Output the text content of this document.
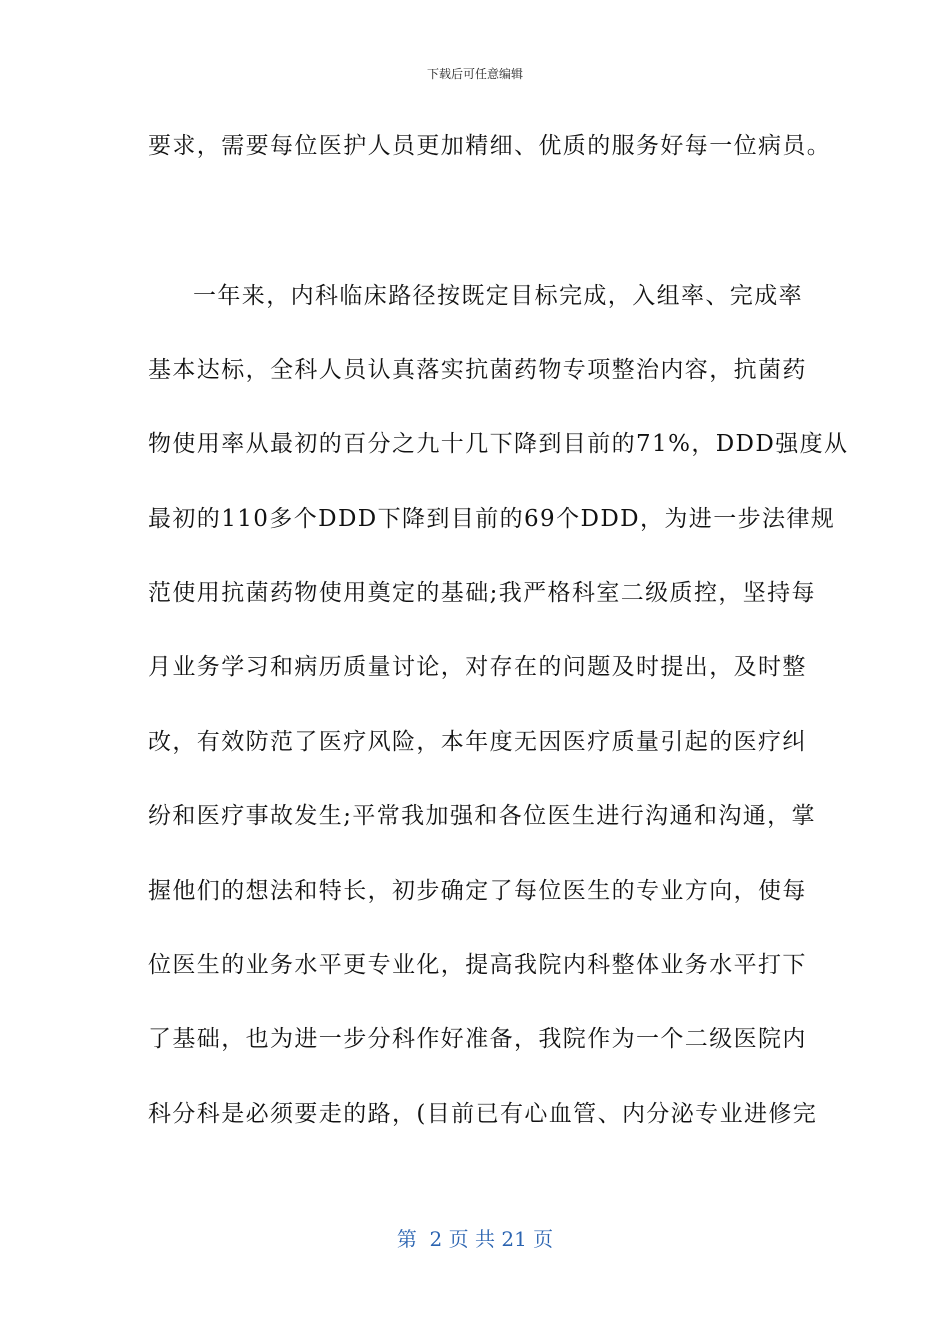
下载后可任意编辑
要求，需要每位医护人员更加精细、优质的服务好每一位病员。
一年来，内科临床路径按既定目标完成，入组率、完成率
基本达标，全科人员认真落实抗菌药物专项整治内容，抗菌药
物使用率从最初的百分之九十几下降到目前的71%，DDD强度从
最初的110多个DDD下降到目前的69个DDD，为进一步法律规
范使用抗菌药物使用奠定的基础;我严格科室二级质控，坚持每
月业务学习和病历质量讨论，对存在的问题及时提出，及时整
改，有效防范了医疗风险，本年度无因医疗质量引起的医疗纠
纷和医疗事故发生;平常我加强和各位医生进行沟通和沟通，掌
握他们的想法和特长，初步确定了每位医生的专业方向，使每
位医生的业务水平更专业化，提高我院内科整体业务水平打下
了基础，也为进一步分科作好准备，我院作为一个二级医院内
科分科是必须要走的路，(目前已有心血管、内分泌专业进修完
第  2 页 共 21 页
